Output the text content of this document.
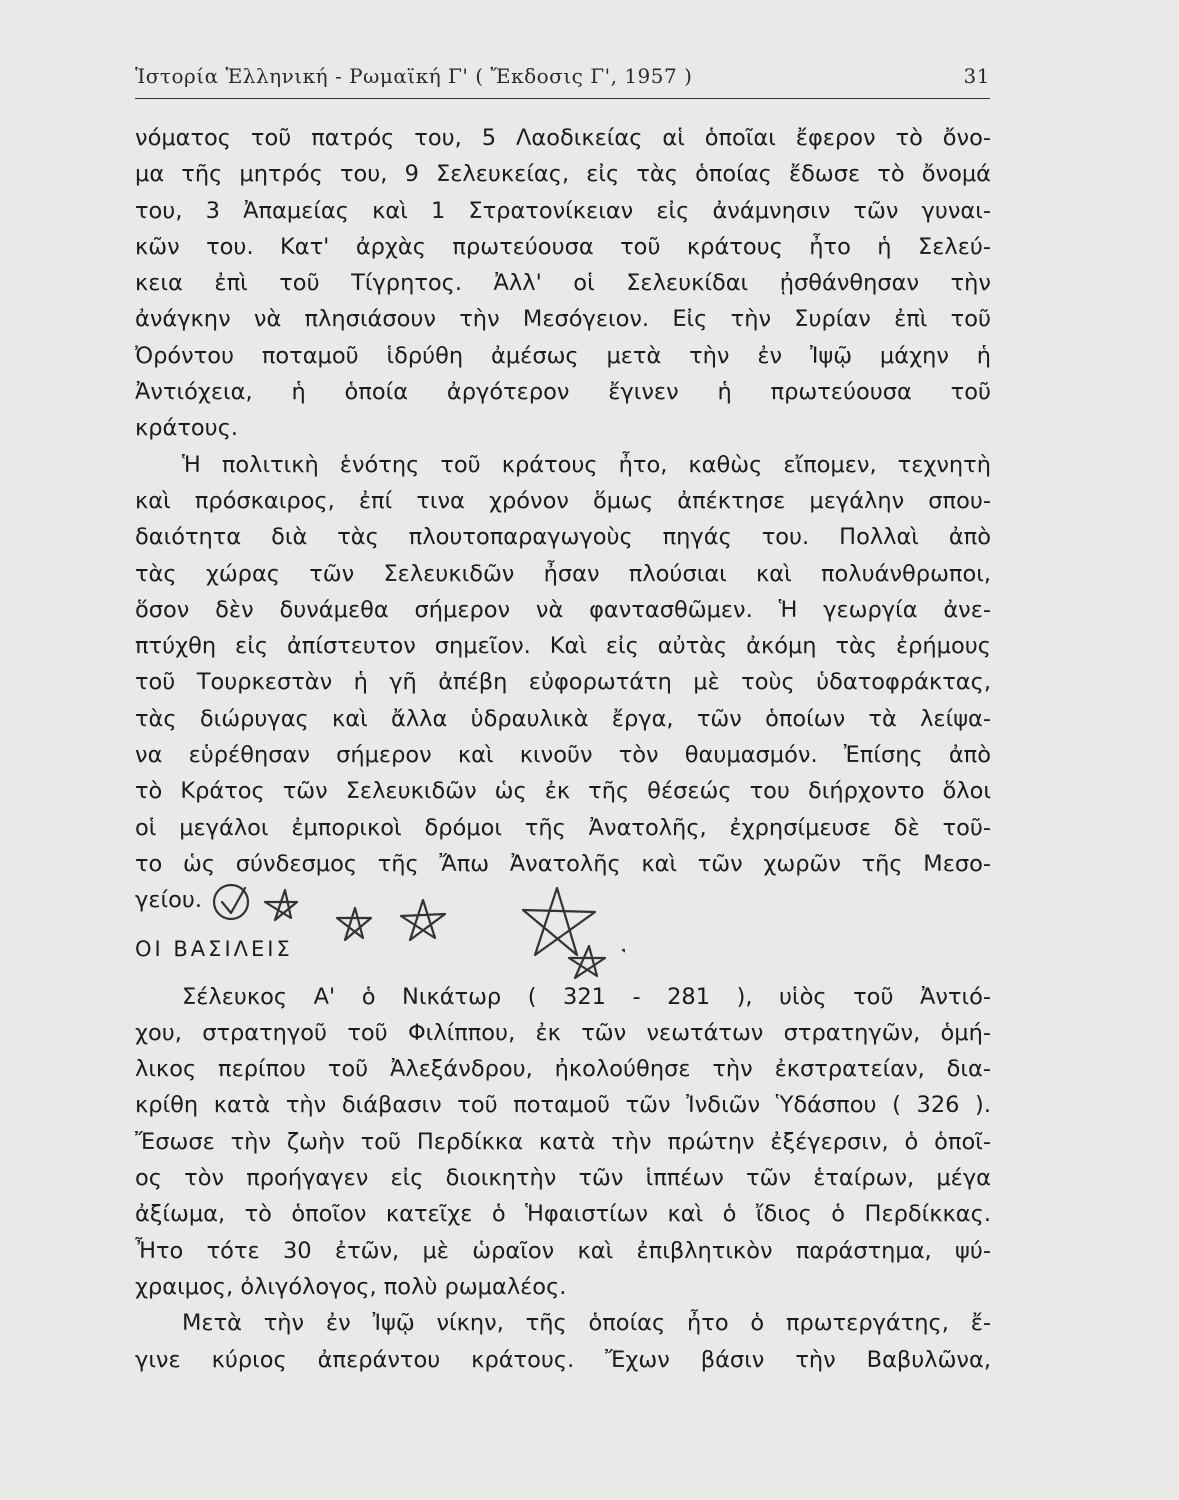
Ἱστορία Ἑλληνική - Ρωμαϊκή Γ' ( Ἔκδοσις Γ', 1957 )	31
νόματος τοῦ πατρός του, 5 Λαοδικείας αἱ ὁποῖαι ἔφερον τὸ ὄνο-
μα τῆς μητρός του, 9 Σελευκείας, εἰς τὰς ὁποίας ἔδωσε τὸ ὄνομά
του, 3 Ἀπαμείας καὶ 1 Στρατονίκειαν εἰς ἀνάμνησιν τῶν γυναι-
κῶν του. Κατ' ἀρχὰς πρωτεύουσα τοῦ κράτους ἦτο ἡ Σελεύ-
κεια ἐπὶ τοῦ Τίγρητος. Ἀλλ' οἱ Σελευκίδαι ᾐσθάνθησαν τὴν
ἀνάγκην νὰ πλησιάσουν τὴν Μεσόγειον. Εἰς τὴν Συρίαν ἐπὶ τοῦ
Ὀρόντου ποταμοῦ ἱδρύθη ἀμέσως μετὰ τὴν ἐν Ἰψῷ μάχην ἡ
Ἀντιόχεια, ἡ ὁποία ἀργότερον ἔγινεν ἡ πρωτεύουσα τοῦ
κράτους.
Ἡ πολιτικὴ ἑνότης τοῦ κράτους ἦτο, καθὼς εἴπομεν, τεχνητὴ
καὶ πρόσκαιρος, ἐπί τινα χρόνον ὅμως ἀπέκτησε μεγάλην σπου-
δαιότητα διὰ τὰς πλουτοπαραγωγοὺς πηγάς του. Πολλαὶ ἀπὸ
τὰς χώρας τῶν Σελευκιδῶν ἦσαν πλούσιαι καὶ πολυάνθρωποι,
ὅσον δὲν δυνάμεθα σήμερον νὰ φαντασθῶμεν. Ἡ γεωργία ἀνε-
πτύχθη εἰς ἀπίστευτον σημεῖον. Καὶ εἰς αὐτὰς ἀκόμη τὰς ἐρήμους
τοῦ Τουρκεστὰν ἡ γῆ ἀπέβη εὐφορωτάτη μὲ τοὺς ὑδατοφράκτας,
τὰς διώρυγας καὶ ἄλλα ὑδραυλικὰ ἔργα, τῶν ὁποίων τὰ λείψα-
να εὑρέθησαν σήμερον καὶ κινοῦν τὸν θαυμασμόν. Ἐπίσης ἀπὸ
τὸ Κράτος τῶν Σελευκιδῶν ὡς ἐκ τῆς θέσεώς του διήρχοντο ὅλοι
οἱ μεγάλοι ἐμπορικοὶ δρόμοι τῆς Ἀνατολῆς, ἐχρησίμευσε δὲ τοῦ-
το ὡς σύνδεσμος τῆς Ἄπω Ἀνατολῆς καὶ τῶν χωρῶν τῆς Μεσο-
γείου.
ΟΙ ΒΑΣΙΛΕΙΣ
Σέλευκος Α' ὁ Νικάτωρ ( 321 - 281 ), υἱὸς τοῦ Ἀντιό-
χου, στρατηγοῦ τοῦ Φιλίππου, ἐκ τῶν νεωτάτων στρατηγῶν, ὁμή-
λικος περίπου τοῦ Ἀλεξάνδρου, ἠκολούθησε τὴν ἐκστρατείαν, δια-
κρίθη κατὰ τὴν διάβασιν τοῦ ποταμοῦ τῶν Ἰνδιῶν Ὑδάσπου ( 326 ).
Ἔσωσε τὴν ζωὴν τοῦ Περδίκκα κατὰ τὴν πρώτην ἐξέγερσιν, ὁ ὁποῖ-
ος τὸν προήγαγεν εἰς διοικητὴν τῶν ἱππέων τῶν ἑταίρων, μέγα
ἀξίωμα, τὸ ὁποῖον κατεῖχε ὁ Ἡφαιστίων καὶ ὁ ἴδιος ὁ Περδίκκας.
Ἦτο τότε 30 ἐτῶν, μὲ ὡραῖον καὶ ἐπιβλητικὸν παράστημα, ψύ-
χραιμος, ὀλιγόλογος, πολὺ ρωμαλέος.
Μετὰ τὴν ἐν Ἰψῷ νίκην, τῆς ὁποίας ἦτο ὁ πρωτεργάτης, ἔ-
γινε κύριος ἀπεράντου κράτους. Ἔχων βάσιν τὴν Βαβυλῶνα,
